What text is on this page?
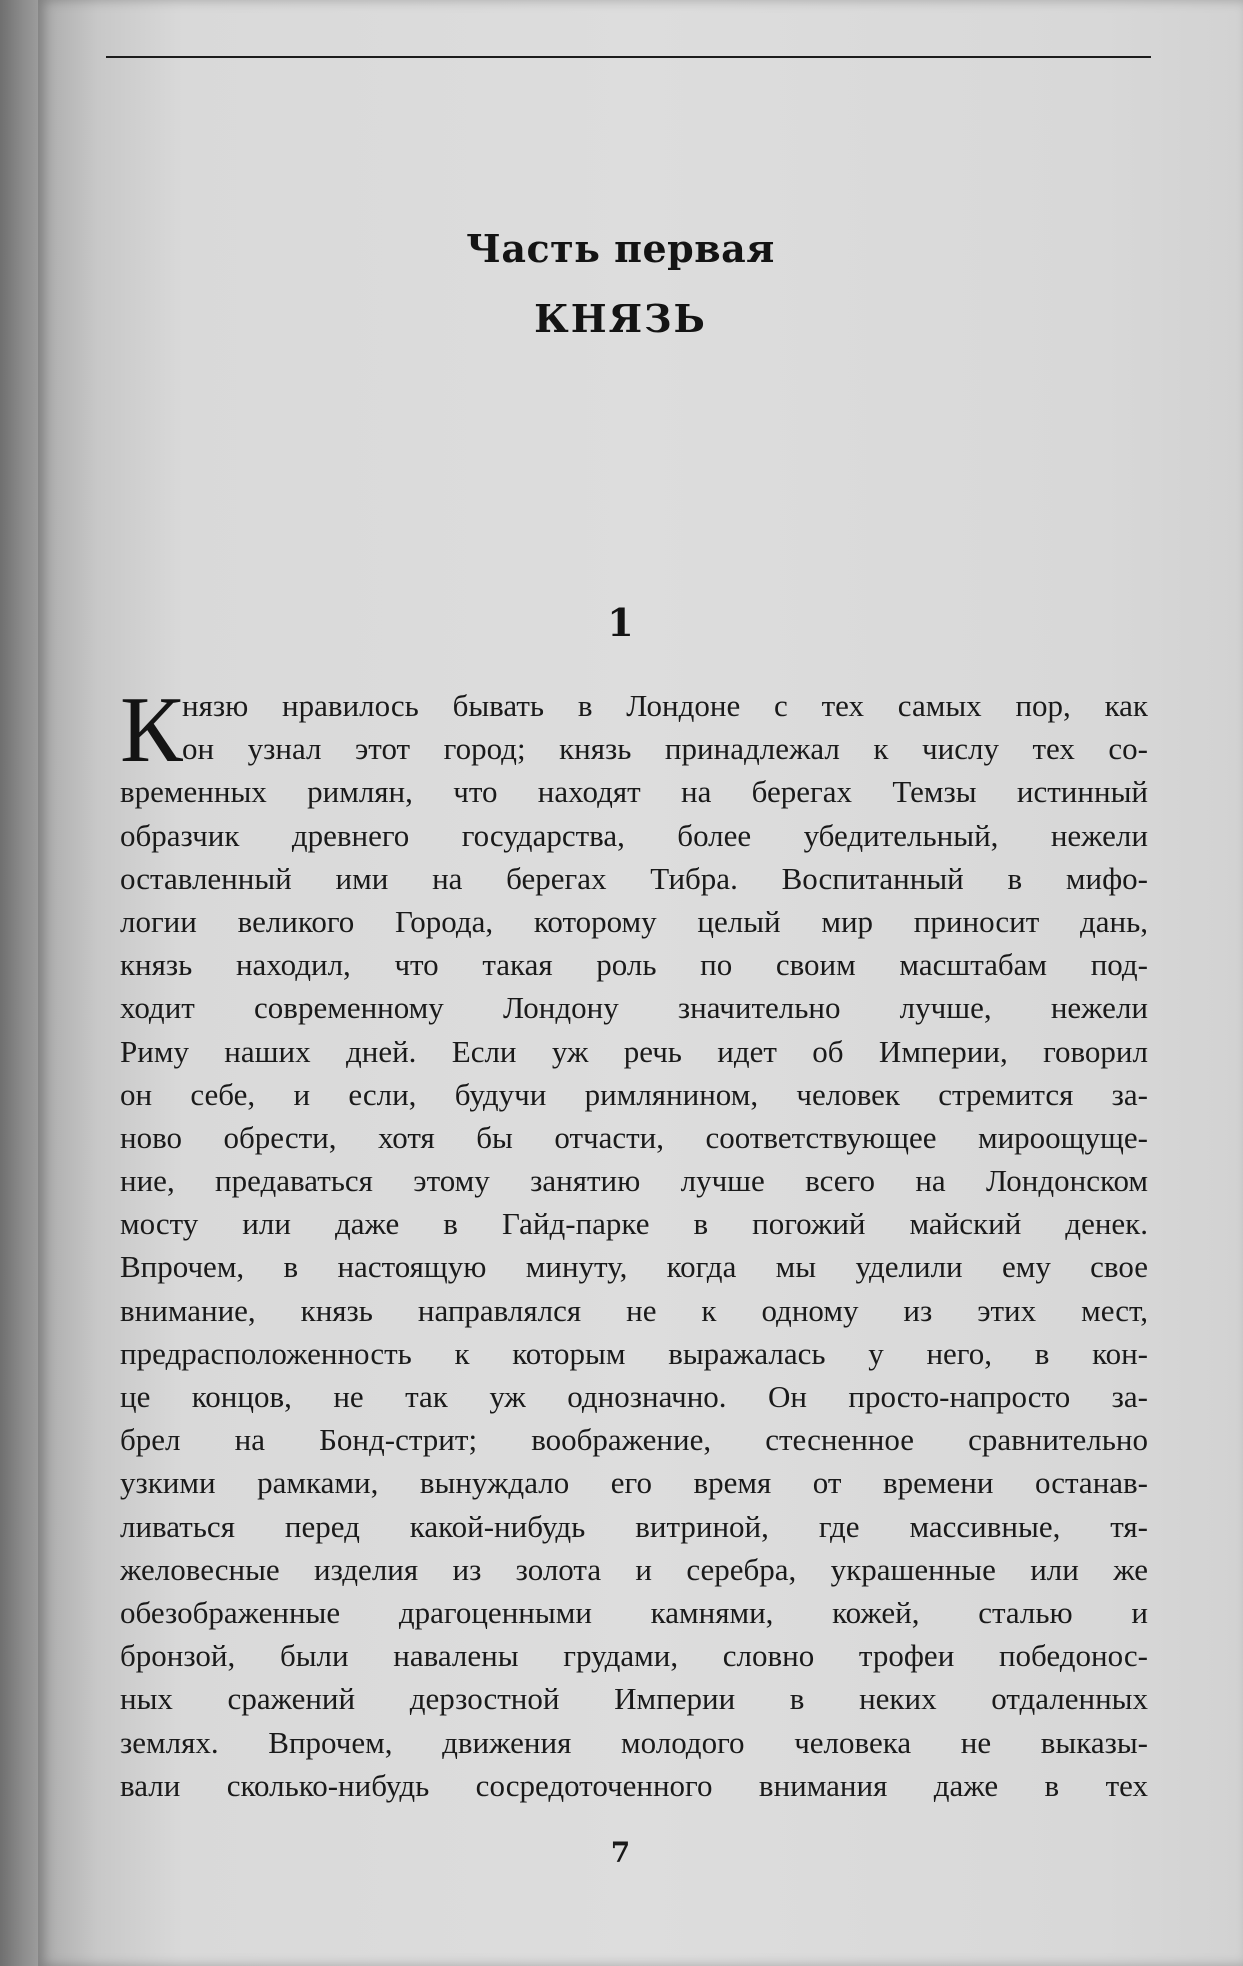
Часть первая
КНЯЗЬ
1
К нязю нравилось бывать в Лондоне с тех самых пор, как
он узнал этот город; князь принадлежал к числу тех со-
временных римлян, что находят на берегах Темзы истинный
образчик древнего государства, более убедительный, нежели
оставленный ими на берегах Тибра. Воспитанный в мифо-
логии великого Города, которому целый мир приносит дань,
князь находил, что такая роль по своим масштабам под-
ходит современному Лондону значительно лучше, нежели
Риму наших дней. Если уж речь идет об Империи, говорил
он себе, и если, будучи римлянином, человек стремится за-
ново обрести, хотя бы отчасти, соответствующее мироощуще-
ние, предаваться этому занятию лучше всего на Лондонском
мосту или даже в Гайд-парке в погожий майский денек.
Впрочем, в настоящую минуту, когда мы уделили ему свое
внимание, князь направлялся не к одному из этих мест,
предрасположенность к которым выражалась у него, в кон-
це концов, не так уж однозначно. Он просто-напросто за-
брел на Бонд-стрит; воображение, стесненное сравнительно
узкими рамками, вынуждало его время от времени останав-
ливаться перед какой-нибудь витриной, где массивные, тя-
желовесные изделия из золота и серебра, украшенные или же
обезображенные драгоценными камнями, кожей, сталью и
бронзой, были навалены грудами, словно трофеи победонос-
ных сражений дерзостной Империи в неких отдаленных
землях. Впрочем, движения молодого человека не выказы-
вали сколько-нибудь сосредоточенного внимания даже в тех
7
